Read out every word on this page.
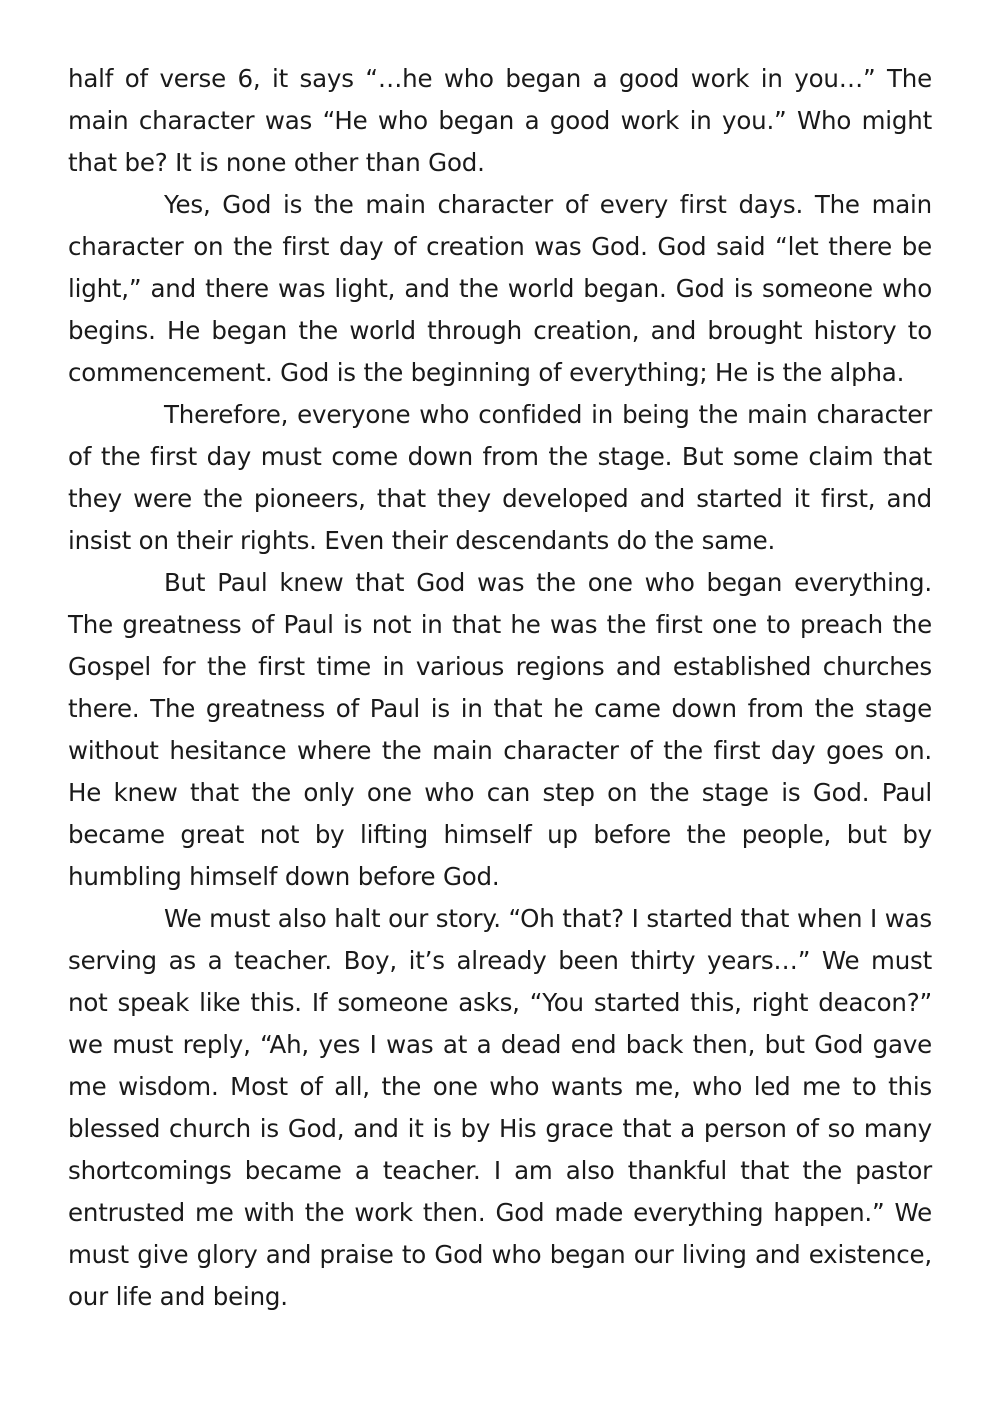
half of verse 6, it says “…he who began a good work in you…” The main character was “He who began a good work in you.” Who might that be? It is none other than God.

Yes, God is the main character of every first days. The main character on the first day of creation was God. God said “let there be light,” and there was light, and the world began. God is someone who begins. He began the world through creation, and brought history to commencement. God is the beginning of everything; He is the alpha.

Therefore, everyone who confided in being the main character of the first day must come down from the stage. But some claim that they were the pioneers, that they developed and started it first, and insist on their rights. Even their descendants do the same.

But Paul knew that God was the one who began everything. The greatness of Paul is not in that he was the first one to preach the Gospel for the first time in various regions and established churches there. The greatness of Paul is in that he came down from the stage without hesitance where the main character of the first day goes on. He knew that the only one who can step on the stage is God. Paul became great not by lifting himself up before the people, but by humbling himself down before God.

We must also halt our story. “Oh that? I started that when I was serving as a teacher. Boy, it’s already been thirty years…” We must not speak like this. If someone asks, “You started this, right deacon?” we must reply, “Ah, yes I was at a dead end back then, but God gave me wisdom. Most of all, the one who wants me, who led me to this blessed church is God, and it is by His grace that a person of so many shortcomings became a teacher. I am also thankful that the pastor entrusted me with the work then. God made everything happen.” We must give glory and praise to God who began our living and existence, our life and being.
